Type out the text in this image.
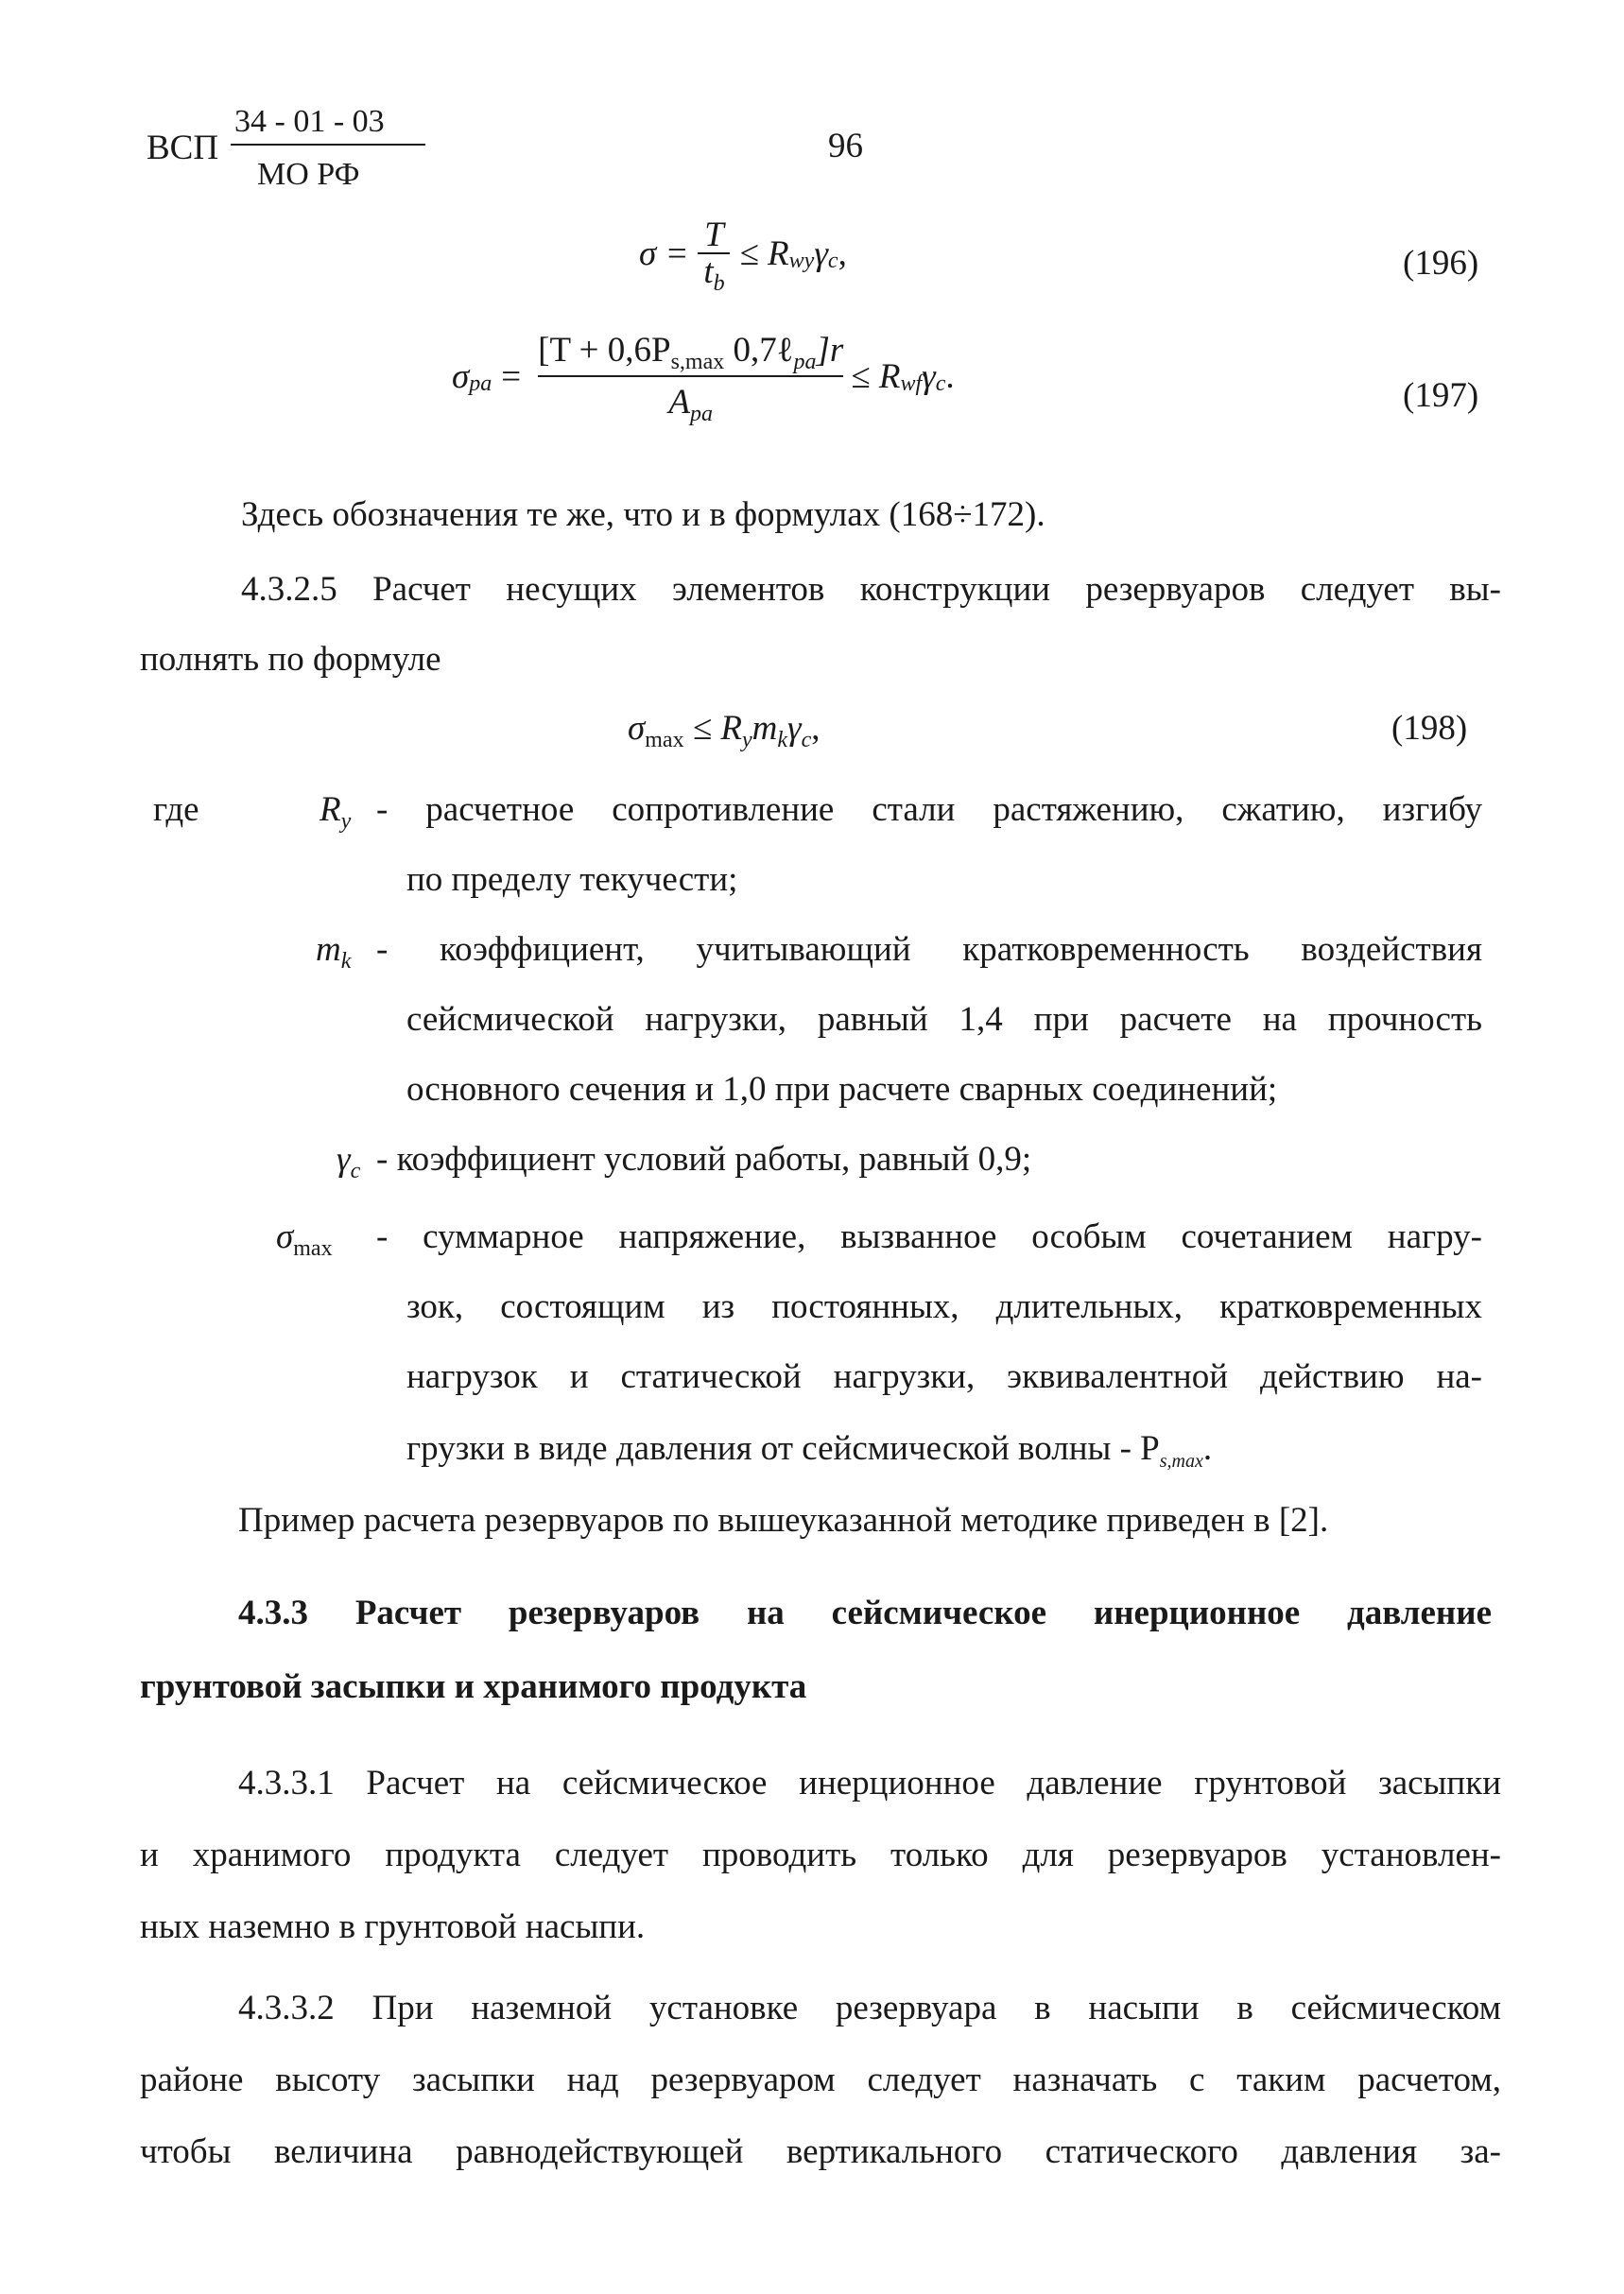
ВСП
34 - 01 - 03
МО РФ
96
$\sigma = \frac{T}{t_b} \le R$ wy γ c ,	(196)
σ pa = $\frac{[T + 0,6P_{s,max} 0,7\ell_{pa}]r}{A_{pa}} \le R$ wf γ c .	(197)
Здесь обозначения те же, что и в формулах (168÷172).
4.3.2.5 Расчет несущих элементов конструкции резервуаров следует вы-
полнять по формуле
$\sigma_{max} \le R_ym_k\gamma_c$,	(198)
где	$R_y$ - расчетное сопротивление стали растяжению, сжатию, изгибу
по пределу текучести;
$m_k$ - коэффициент, учитывающий кратковременность воздействия
сейсмической нагрузки, равный 1,4 при расчете на прочность
основного сечения и 1,0 при расчете сварных соединений;
$\gamma_c$ - коэффициент условий работы, равный 0,9;
$\sigma_{max}$ - суммарное напряжение, вызванное особым сочетанием нагру-
зок, состоящим из постоянных, длительных, кратковременных
нагрузок и статической нагрузки, эквивалентной действию на-
грузки в виде давления от сейсмической волны - $P_{s,max}$.
Пример расчета резервуаров по вышеуказанной методике приведен в [2].
4.3.3 Расчет резервуаров на сейсмическое инерционное давление
грунтовой засыпки и хранимого продукта
4.3.3.1 Расчет на сейсмическое инерционное давление грунтовой засыпки
и хранимого продукта следует проводить только для резервуаров установлен-
ных наземно в грунтовой насыпи.
4.3.3.2 При наземной установке резервуара в насыпи в сейсмическом
районе высоту засыпки над резервуаром следует назначать с таким расчетом,
чтобы величина равнодействующей вертикального статического давления за-
